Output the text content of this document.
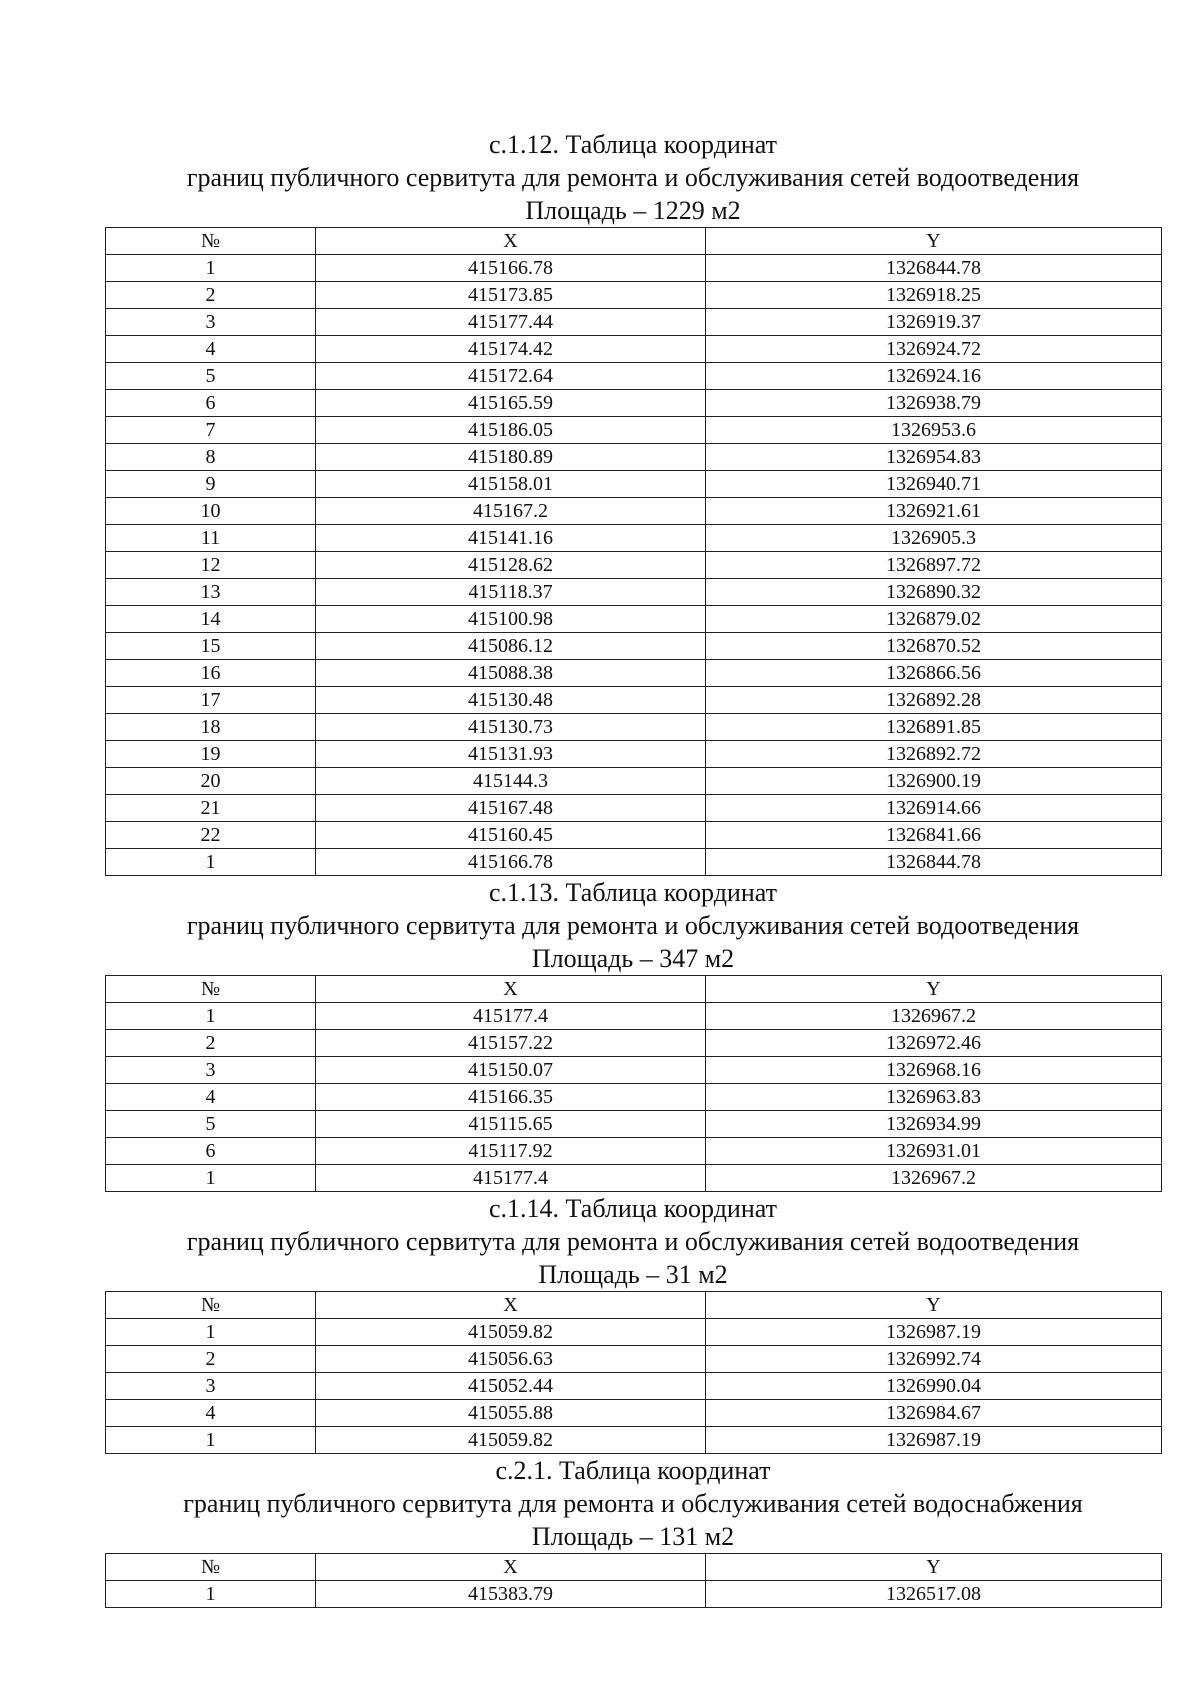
с.1.12. Таблица координат
границ публичного сервитута для ремонта и обслуживания сетей водоотведения
Площадь – 1229 м2
№	X	Y
1	415166.78	1326844.78
2	415173.85	1326918.25
3	415177.44	1326919.37
4	415174.42	1326924.72
5	415172.64	1326924.16
6	415165.59	1326938.79
7	415186.05	1326953.6
8	415180.89	1326954.83
9	415158.01	1326940.71
10	415167.2	1326921.61
11	415141.16	1326905.3
12	415128.62	1326897.72
13	415118.37	1326890.32
14	415100.98	1326879.02
15	415086.12	1326870.52
16	415088.38	1326866.56
17	415130.48	1326892.28
18	415130.73	1326891.85
19	415131.93	1326892.72
20	415144.3	1326900.19
21	415167.48	1326914.66
22	415160.45	1326841.66
1	415166.78	1326844.78
с.1.13. Таблица координат
границ публичного сервитута для ремонта и обслуживания сетей водоотведения
Площадь – 347 м2
№	X	Y
1	415177.4	1326967.2
2	415157.22	1326972.46
3	415150.07	1326968.16
4	415166.35	1326963.83
5	415115.65	1326934.99
6	415117.92	1326931.01
1	415177.4	1326967.2
с.1.14. Таблица координат
границ публичного сервитута для ремонта и обслуживания сетей водоотведения
Площадь – 31 м2
№	X	Y
1	415059.82	1326987.19
2	415056.63	1326992.74
3	415052.44	1326990.04
4	415055.88	1326984.67
1	415059.82	1326987.19
с.2.1. Таблица координат
границ публичного сервитута для ремонта и обслуживания сетей водоснабжения
Площадь – 131 м2
№	X	Y
1	415383.79	1326517.08
